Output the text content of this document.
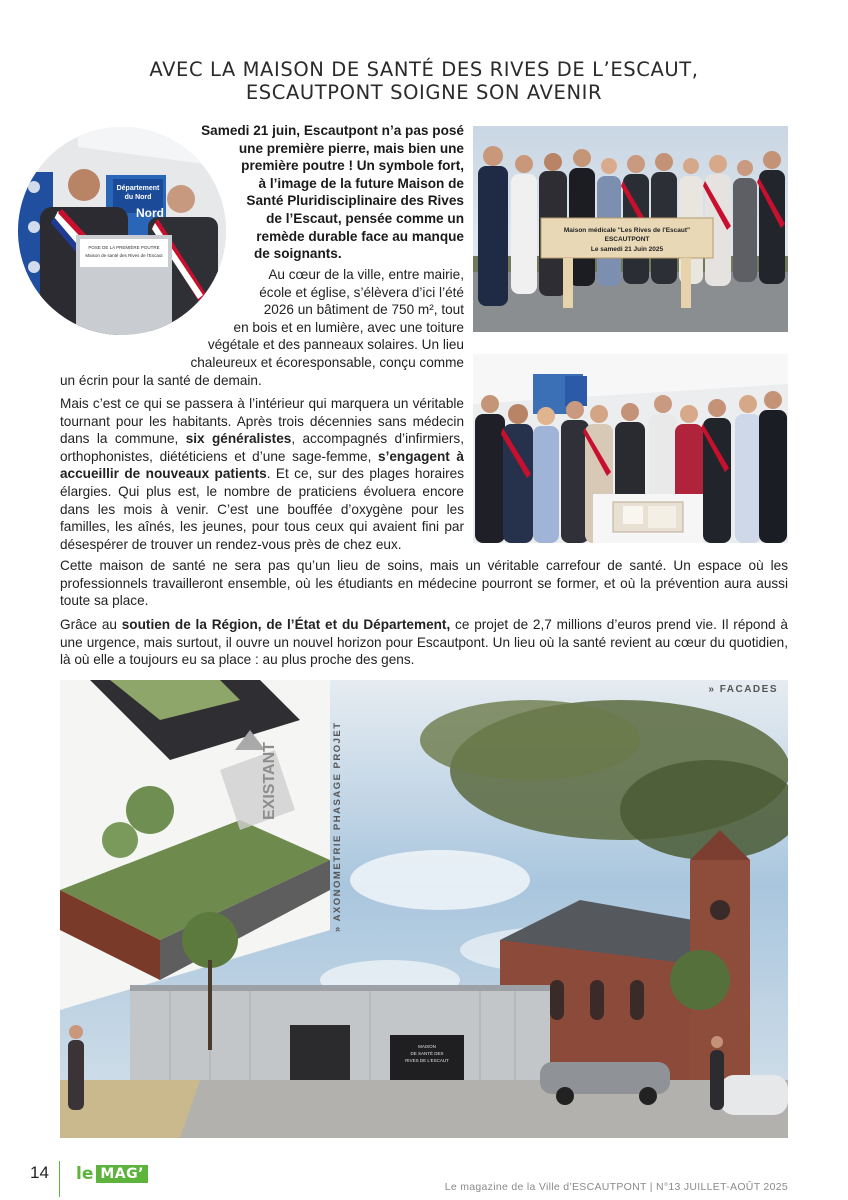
AVEC LA MAISON DE SANTÉ DES RIVES DE L’ESCAUT,
ESCAUTPONT SOIGNE SON AVENIR
POSE DE LA PREMIÈRE POUTRE
Maison de santé des Rives de l’Escaut
Département
du Nord
Nord

Samedi 21 juin, Escautpont n’a pas posé

une première pierre, mais bien une

première poutre ! Un symbole fort,

à l’image de la future Maison de

Santé Pluridisciplinaire des Rives

de l’Escaut, pensée comme un

remède durable face au manque

de soignants.

Au cœur de la ville, entre mairie,

école et église, s’élèvera d’ici l’été

2026 un bâtiment de 750 m², tout

en bois et en lumière, avec une toiture

végétale et des panneaux solaires. Un lieu

chaleureux et écoresponsable, conçu comme

un écrin pour la santé de demain.

Mais c’est ce qui se passera à l’intérieur qui marquera un véritable tournant pour les habitants. Après trois décennies sans médecin dans la commune, six généralistes, accompagnés d’infirmiers, orthophonistes, diététiciens et d’une sage-femme, s’engagent à accueillir de nouveaux patients. Et ce, sur des plages horaires élargies. Qui plus est, le nombre de praticiens évoluera encore dans les mois à venir. C’est une bouffée d’oxygène pour les familles, les aînés, les jeunes, pour tous ceux qui avaient fini par désespérer de trouver un rendez-vous près de chez eux.
Cette maison de santé ne sera pas qu’un lieu de soins, mais un véritable carrefour de santé. Un espace où les professionnels travailleront ensemble, où les étudiants en médecine pourront se former, et où la prévention aura aussi toute sa place.
Grâce au soutien de la Région, de l’État et du Département, ce projet de 2,7 millions d’euros prend vie. Il répond à une urgence, mais surtout, il ouvre un nouvel horizon pour Escautpont. Un lieu où la santé revient au cœur du quotidien, là où elle a toujours eu sa place : au plus proche des gens.
Maison médicale "Les Rives de l'Escaut"
ESCAUTPONT
Le samedi 21 Juin 2025
EXISTANT	» AXONOMETRIE PHASAGE PROJET
MAISON
DE SANTÉ DES
RIVES DE L'ESCAUT
» FACADES
14 le MAG’
Le magazine de la Ville d’ESCAUTPONT | N°13 JUILLET-AOÛT 2025
